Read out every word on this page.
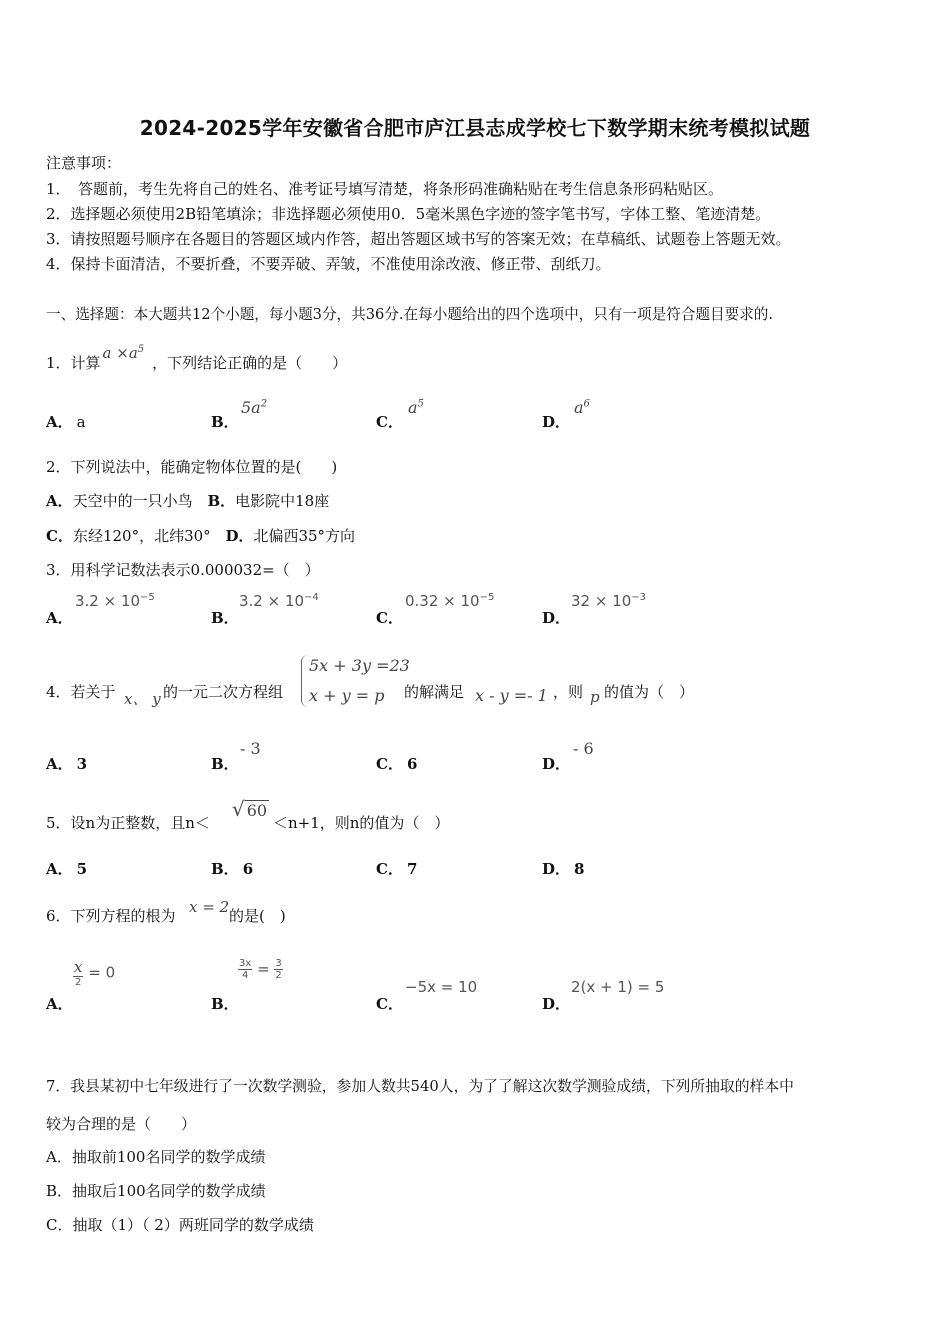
2024-2025学年安徽省合肥市庐江县志成学校七下数学期末统考模拟试题
注意事项：
1．　答题前，考生先将自己的姓名、准考证号填写清楚，将条形码准确粘贴在考生信息条形码粘贴区。
2．选择题必须使用2B铅笔填涂；非选择题必须使用0．5毫米黑色字迹的签字笔书写，字体工整、笔迹清楚。
3．请按照题号顺序在各题目的答题区域内作答，超出答题区域书写的答案无效；在草稿纸、试题卷上答题无效。
4．保持卡面清洁，不要折叠，不要弄破、弄皱，不准使用涂改液、修正带、刮纸刀。
一、选择题：本大题共12个小题，每小题3分，共36分.在每小题给出的四个选项中，只有一项是符合题目要求的.
1．计算$a \times a^5$，下列结论正确的是（　　）
A． a	B．
$5a^2$
C．
$a^5$
D．
$a^6$
2．下列说法中，能确定物体位置的是(　　)
A．天空中的一只小鸟 B．电影院中18座
C．东经120°，北纬30° D．北偏西35°方向
3．用科学记数法表示0.000032=（　）
A．
$3.2 \times 10^{-5}$
B．
$3.2 \times 10^{-4}$
C．
$0.32 \times 10^{-5}$
D．
$32 \times 10^{-3}$
4．若关于 x、 y 的一元二次方程组
5x + 3y =23
x + y = p 的解满足 x - y =- 1 ，则 p 的值为（　）
A． 3	B．
- 3
C． 6	D．
- 6
5．设n为正整数，且n＜
√ 60
＜n+1，则n的值为（　）
A． 5	B． 6	C． 7	D． 8
6．下列方程的根为 x = 2 的是(　)
A．
$\frac{x}{2} = 0$
B．
$\frac{3x}{4} = \frac{3}{2}$
C．
−5x = 10
D．
2(x + 1) = 5
7．我县某初中七年级进行了一次数学测验，参加人数共540人，为了了解这次数学测验成绩，下列所抽取的样本中
较为合理的是（　　）
A．抽取前100名同学的数学成绩
B．抽取后100名同学的数学成绩
C．抽取（1）（ 2）两班同学的数学成绩
